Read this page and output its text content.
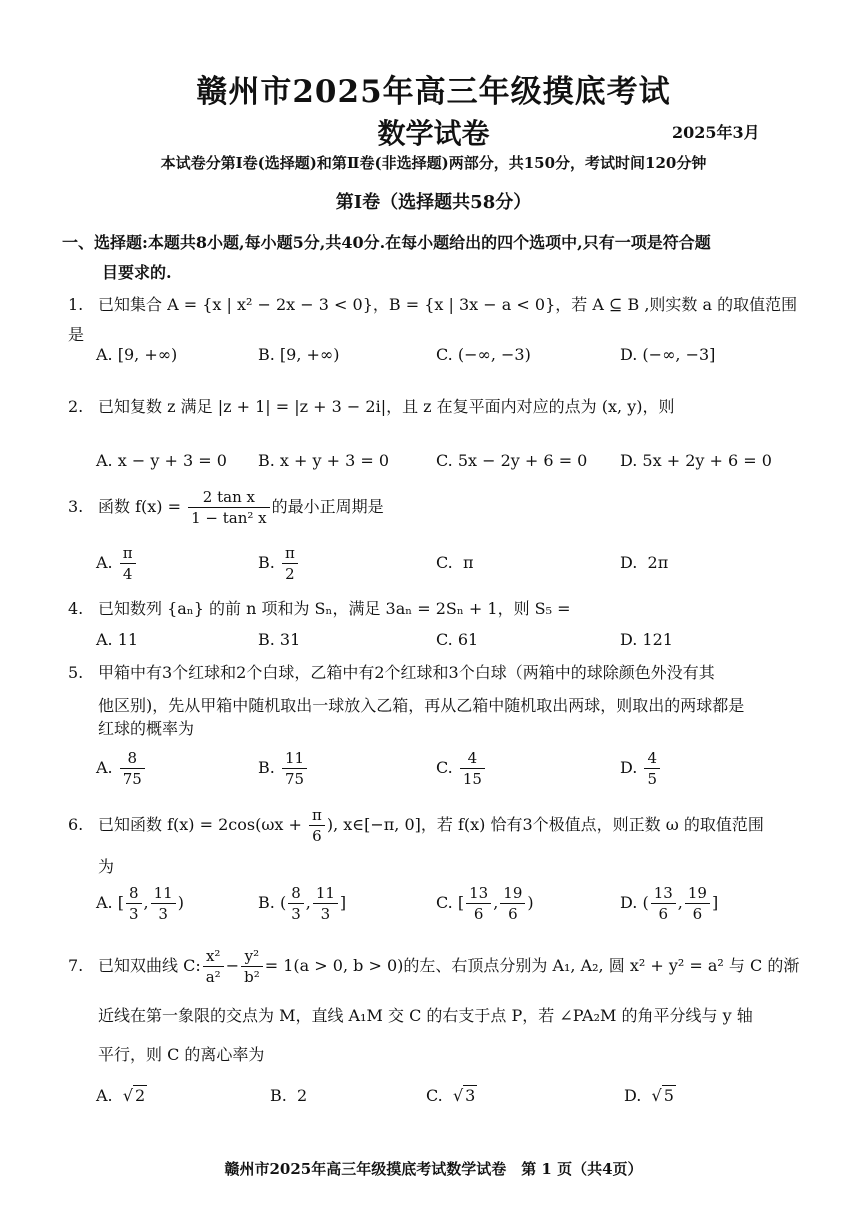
赣州市2025年高三年级摸底考试
数学试卷	2025年3月
本试卷分第Ⅰ卷(选择题)和第Ⅱ卷(非选择题)两部分，共150分，考试时间120分钟
第Ⅰ卷（选择题共58分）
一、选择题:本题共8小题,每小题5分,共40分.在每小题给出的四个选项中,只有一项是符合题
目要求的.
1. 已知集合 A = {x | x² − 2x − 3 < 0}，B = {x | 3x − a < 0}，若 A ⊆ B ,则实数 a 的取值范围是
A. [9, +∞)	B. [9, +∞)	C. (−∞, −3)	D. (−∞, −3]
2. 已知复数 z 满足 |z + 1| = |z + 3 − 2i|，且 z 在复平面内对应的点为 (x, y)，则
A. x − y + 3 = 0 B. x + y + 3 = 0	C. 5x − 2y + 6 = 0 D. 5x + 2y + 6 = 0
3. 函数 $f(x) = \frac{\text{2 tan x}}{\text{1 − tan² x}}$ 的最小正周期是
A. $\frac{\pi}{4}$	B. $\frac{\pi}{2}$	C. π	D. 2π
4. 已知数列 {aₙ} 的前 n 项和为 Sₙ，满足 3aₙ = 2Sₙ + 1，则 S₅ =
A. 11	B. 31	C. 61	D. 121
5. 甲箱中有3个红球和2个白球，乙箱中有2个红球和3个白球（两箱中的球除颜色外没有其
他区别)，先从甲箱中随机取出一球放入乙箱，再从乙箱中随机取出两球，则取出的两球都是
红球的概率为
A. $\frac{8}{75}$	B. $\frac{11}{75}$	C. $\frac{4}{15}$	D. $\frac{4}{5}$
6. 已知函数 $f(x) = 2\cos(\omega x + \frac{\pi}{6}$ ), x∈[−π, 0]，若 f(x) 恰有3个极值点，则正数 ω 的取值范围
为
A. [ $\frac{8}{3}$ , $\frac{11}{3}$ )	B. ( $\frac{8}{3}$ , $\frac{11}{3}$ ]	C. [ $\frac{13}{6}$ , $\frac{19}{6}$ )	D. ( $\frac{13}{6}$ , $\frac{19}{6}$ ]
7. 已知双曲线 C: $\frac{\text{x²}}{\text{a²}} - \frac{\text{y²}}{\text{b²}} = 1(a > 0$, b > 0)的左、右顶点分别为 A₁, A₂, 圆 x² + y² = a² 与 C 的渐
近线在第一象限的交点为 M，直线 A₁M 交 C 的右支于点 P，若 ∠PA₂M 的角平分线与 y 轴
平行，则 C 的离心率为
A. √ 2	B. 2	C. √ 3	D. √ 5
赣州市2025年高三年级摸底考试数学试卷　第 1 页（共4页）
